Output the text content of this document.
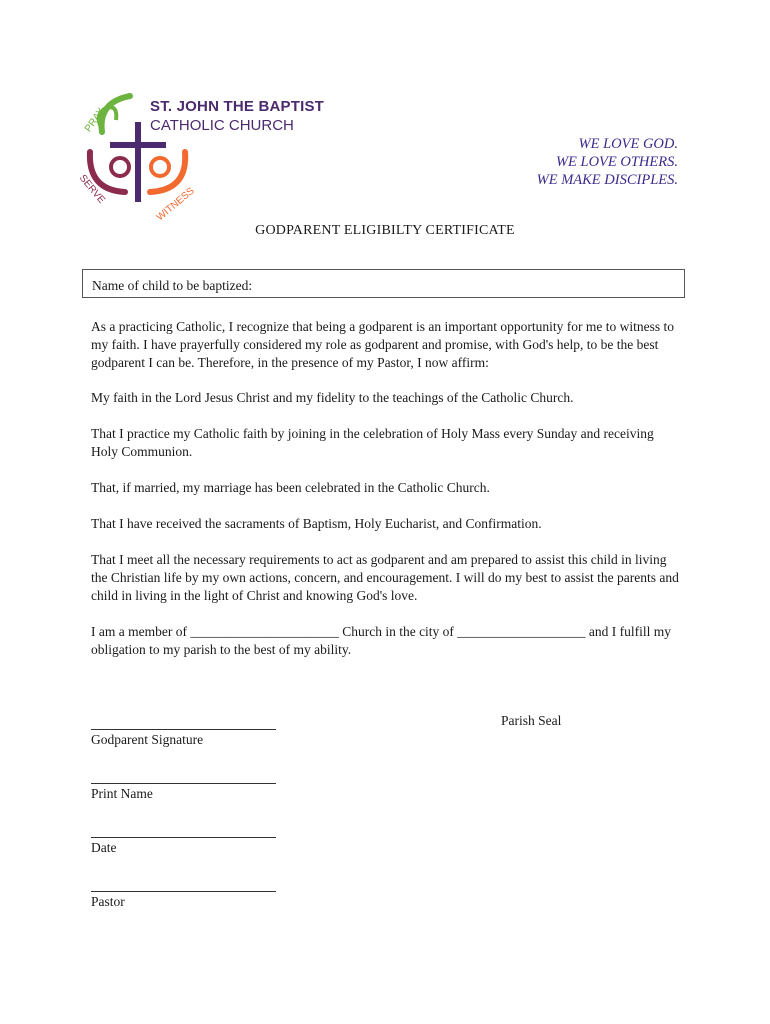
PRAY
SERVE	WITNESS
ST. JOHN THE BAPTIST
CATHOLIC CHURCH
WE LOVE GOD.
WE LOVE OTHERS.
WE MAKE DISCIPLES.
GODPARENT ELIGIBILTY CERTIFICATE
Name of child to be baptized:
As a practicing Catholic, I recognize that being a godparent is an important opportunity for me to witness to my faith. I have prayerfully considered my role as godparent and promise, with God's help, to be the best godparent I can be. Therefore, in the presence of my Pastor, I now affirm:
My faith in the Lord Jesus Christ and my fidelity to the teachings of the Catholic Church.
That I practice my Catholic faith by joining in the celebration of Holy Mass every Sunday and receiving Holy Communion.
That, if married, my marriage has been celebrated in the Catholic Church.
That I have received the sacraments of Baptism, Holy Eucharist, and Confirmation.
That I meet all the necessary requirements to act as godparent and am prepared to assist this child in living the Christian life by my own actions, concern, and encouragement. I will do my best to assist the parents and child in living in the light of Christ and knowing God's love.
I am a member of ______________________ Church in the city of ___________________ and I fulfill my obligation to my parish to the best of my ability.
Godparent Signature
Print Name
Date
Pastor
Parish Seal
